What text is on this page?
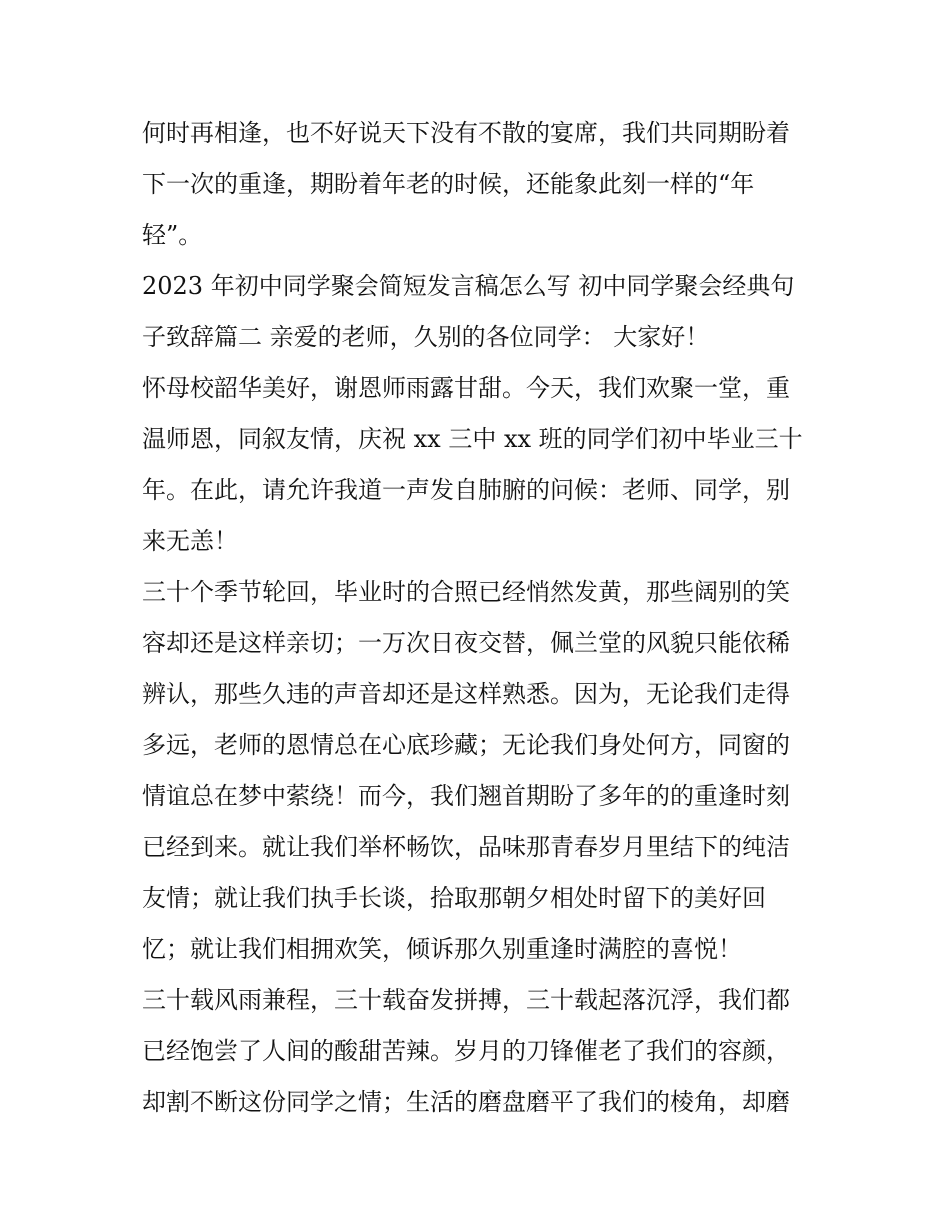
何时再相逢，也不好说天下没有不散的宴席，我们共同期盼着
下一次的重逢，期盼着年老的时候，还能象此刻一样的“年
轻”。
2023 年初中同学聚会简短发言稿怎么写 初中同学聚会经典句
子致辞篇二 亲爱的老师，久别的各位同学： 大家好！
怀母校韶华美好，谢恩师雨露甘甜。今天，我们欢聚一堂，重
温师恩，同叙友情，庆祝 xx 三中 xx 班的同学们初中毕业三十
年。在此，请允许我道一声发自肺腑的问候：老师、同学，别
来无恙！
三十个季节轮回，毕业时的合照已经悄然发黄，那些阔别的笑
容却还是这样亲切；一万次日夜交替，佩兰堂的风貌只能依稀
辨认，那些久违的声音却还是这样熟悉。因为，无论我们走得
多远，老师的恩情总在心底珍藏；无论我们身处何方，同窗的
情谊总在梦中萦绕！而今，我们翘首期盼了多年的的重逢时刻
已经到来。就让我们举杯畅饮，品味那青春岁月里结下的纯洁
友情；就让我们执手长谈，拾取那朝夕相处时留下的美好回
忆；就让我们相拥欢笑，倾诉那久别重逢时满腔的喜悦！
三十载风雨兼程，三十载奋发拼搏，三十载起落沉浮，我们都
已经饱尝了人间的酸甜苦辣。岁月的刀锋催老了我们的容颜，
却割不断这份同学之情；生活的磨盘磨平了我们的棱角，却磨
